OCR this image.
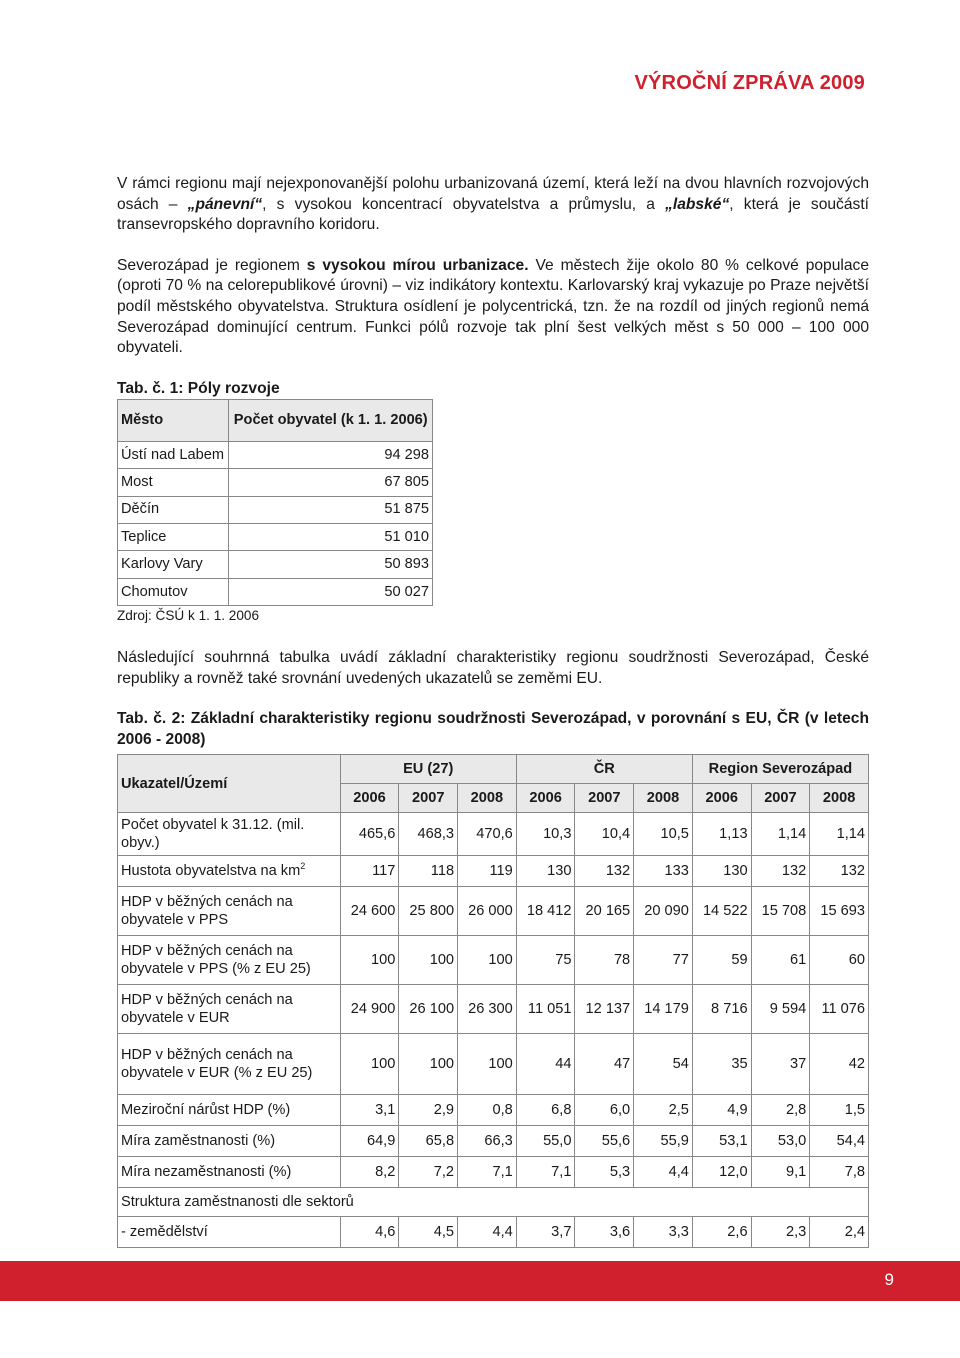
VÝROČNÍ ZPRÁVA 2009

V rámci regionu mají nejexponovanější polohu urbanizovaná území, která leží na dvou hlavních rozvojových osách – „pánevní“, s vysokou koncentrací obyvatelstva a průmyslu, a „labské“, která je součástí transevropského dopravního koridoru.

Severozápad je regionem s vysokou mírou urbanizace. Ve městech žije okolo 80 % celkové populace (oproti 70 % na celorepublikové úrovni) – viz indikátory kontextu. Karlovarský kraj vykazuje po Praze největší podíl městského obyvatelstva. Struktura osídlení je polycentrická, tzn. že na rozdíl od jiných regionů nemá Severozápad dominující centrum. Funkci pólů rozvoje tak plní šest velkých měst s 50 000 – 100 000 obyvateli.

Tab. č. 1: Póly rozvoje

Město	Počet obyvatel (k 1. 1. 2006)
Ústí nad Labem	94 298
Most	67 805
Děčín	51 875
Teplice	51 010
Karlovy Vary	50 893
Chomutov	50 027
Zdroj: ČSÚ k 1. 1. 2006

Následující souhrnná tabulka uvádí základní charakteristiky regionu soudržnosti Severozápad, České republiky a rovněž také srovnání uvedených ukazatelů se zeměmi EU.

Tab. č. 2: Základní charakteristiky regionu soudržnosti Severozápad, v porovnání s EU, ČR (v letech 2006 - 2008)

Ukazatel/Území	EU (27)			ČR			Region Severozápad		
	2006	2007	2008	2006	2007	2008	2006	2007	2008
Počet obyvatel k 31.12. (mil. obyv.)	465,6	468,3	470,6	10,3	10,4	10,5	1,13	1,14	1,14
Hustota obyvatelstva na $km^2$	117	118	119	130	132	133	130	132	132
HDP v běžných cenách na obyvatele v PPS	24 600	25 800	26 000	18 412	20 165	20 090	14 522	15 708	15 693
HDP v běžných cenách na obyvatele v PPS (% z EU 25)	100	100	100	75	78	77	59	61	60
HDP v běžných cenách na obyvatele v EUR	24 900	26 100	26 300	11 051	12 137	14 179	8 716	9 594	11 076
HDP v běžných cenách na obyvatele v EUR (% z EU 25)	100	100	100	44	47	54	35	37	42
Meziroční nárůst HDP (%)	3,1	2,9	0,8	6,8	6,0	2,5	4,9	2,8	1,5
Míra zaměstnanosti (%)	64,9	65,8	66,3	55,0	55,6	55,9	53,1	53,0	54,4
Míra nezaměstnanosti (%)	8,2	7,2	7,1	7,1	5,3	4,4	12,0	9,1	7,8
Struktura zaměstnanosti dle sektorů									
- zemědělství	4,6	4,5	4,4	3,7	3,6	3,3	2,6	2,3	2,4
9
